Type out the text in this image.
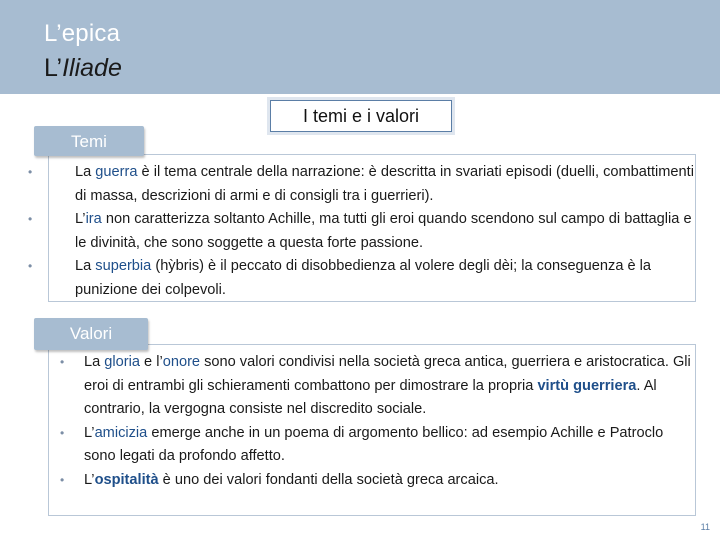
L’epica
L’Iliade
I temi e i valori
Temi
•	La guerra è il tema centrale della narrazione: è descritta in svariati episodi (duelli, combattimenti di massa, descrizioni di armi e di consigli tra i guerrieri).
•	L’ira non caratterizza soltanto Achille, ma tutti gli eroi quando scendono sul campo di battaglia e le divinità, che sono soggette a questa forte passione.
•	La superbia (hỳbris) è il peccato di disobbedienza al volere degli dèi; la conseguenza è la punizione dei colpevoli.
Valori
• La gloria e l’onore sono valori condivisi nella società greca antica, guerriera e aristocratica. Gli eroi di entrambi gli schieramenti combattono per dimostrare la propria virtù guerriera. Al contrario, la vergogna consiste nel discredito sociale.
• L’amicizia emerge anche in un poema di argomento bellico: ad esempio Achille e Patroclo sono legati da profondo affetto.
• L’ospitalità è uno dei valori fondanti della società greca arcaica.
11
